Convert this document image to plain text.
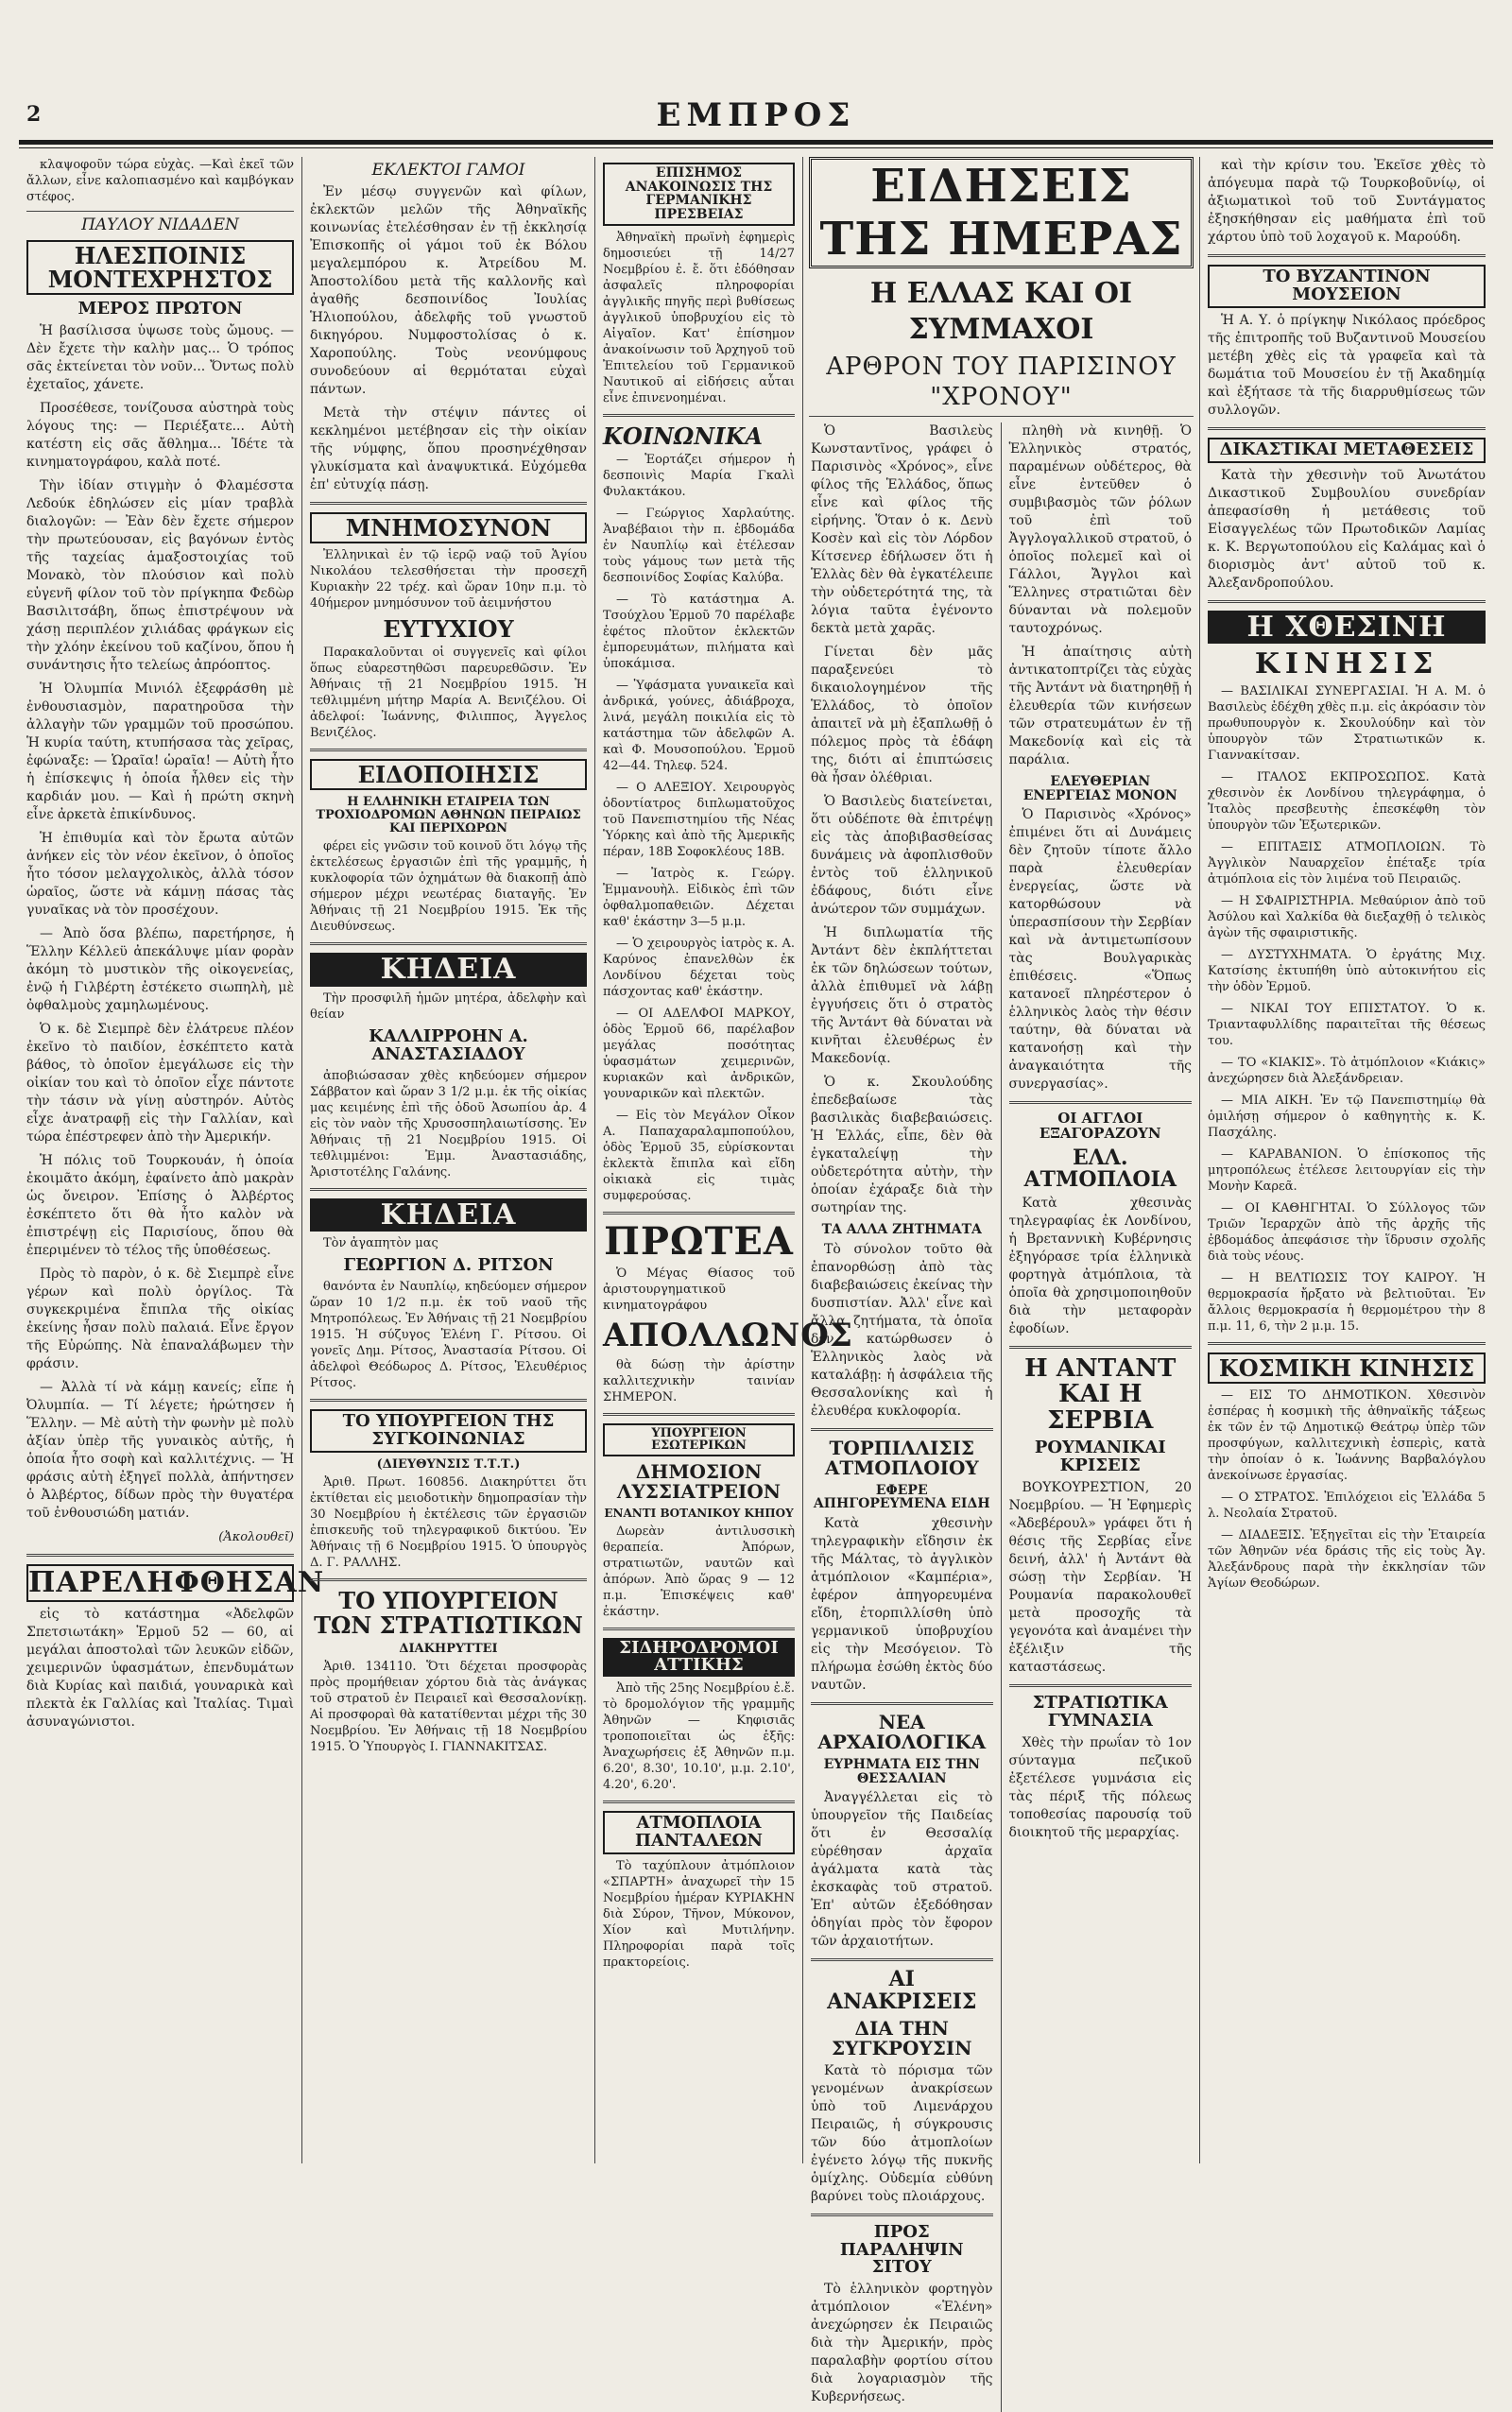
2	ΕΜΠΡΟΣ

κλαψοφοῦν τώρα εὐχὰς. —Καὶ ἐκεῖ τῶν ἄλλων, εἶνε καλοπιασμένο καὶ καμβόγκαν στέφος.

ΠΑΥΛΟΥ ΝΙΔΑΔΕΝ
ΗΛΕΣΠΟΙΝΙΣ ΜΟΝΤΕΧΡΗΣΤΟΣ
ΜΕΡΟΣ ΠΡΩΤΟΝ

Ἡ βασίλισσα ὑψωσε τοὺς ὤμους. — Δὲν ἔχετε τὴν καλὴν μας... Ὁ τρόπος σᾶς ἐκτείνεται τὸν νοῦν... Ὄντως πολὺ ἐχεταῖος, χάνετε.

Προσέθεσε, τονίζουσα αὐστηρὰ τοὺς λόγους της: — Περιέξατε... Αὐτὴ κατέστη εἰς σᾶς ἄθλημα... Ἰδέτε τὰ κινηματογράφου, καλὰ ποτέ.

Τὴν ἰδίαν στιγμὴν ὁ Φλαμέσστα Λεδούκ ἐδηλώσεν εἰς μίαν τραβλὰ διαλογῶν: — Ἐὰν δὲν ἔχετε σήμερον τὴν πρωτεύουσαν, εἰς βαγόνων ἐντὸς τῆς ταχείας ἁμαξοστοιχίας τοῦ Μονακὸ, τὸν πλούσιον καὶ πολὺ εὐγενῆ φίλον τοῦ τὸν πρίγκηπα Φεδὼρ Βασιλιτσάβη, ὅπως ἐπιστρέψουν νὰ χάσῃ περιπλέον χιλιάδας φράγκων εἰς τὴν χλόην ἐκείνου τοῦ καζίνου, ὅπου ἡ συνάντησις ἦτο τελείως ἀπρόοπτος.

Ἡ Ὀλυμπία Μινιόλ ἐξεφράσθη μὲ ἐνθουσιασμὸν, παρατηροῦσα τὴν ἀλλαγὴν τῶν γραμμῶν τοῦ προσώπου. Ἡ κυρία ταύτη, κτυπήσασα τὰς χεῖρας, ἐφώναξε: — Ὡραῖα! ὡραῖα! — Αὐτὴ ἦτο ἡ ἐπίσκεψις ἡ ὁποία ἦλθεν εἰς τὴν καρδιάν μου. — Καὶ ἡ πρώτη σκηνὴ εἶνε ἀρκετὰ ἐπικίνδυνος.

Ἡ ἐπιθυμία καὶ τὸν ἔρωτα αὐτῶν ἀνήκεν εἰς τὸν νέον ἐκεῖνον, ὁ ὁποῖος ἦτο τόσον μελαγχολικὸς, ἀλλὰ τόσον ὡραῖος, ὥστε νὰ κάμνῃ πάσας τὰς γυναῖκας νὰ τὸν προσέχουν.

— Ἀπὸ ὅσα βλέπω, παρετήρησε, ἡ Ἕλλην Κέλλεϋ ἀπεκάλυψε μίαν φορὰν ἀκόμη τὸ μυστικὸν τῆς οἰκογενείας, ἐνῷ ἡ Γιλβέρτη ἐστέκετο σιωπηλὴ, μὲ ὀφθαλμοὺς χαμηλωμένους.

Ὁ κ. δὲ Σιεμπρὲ δὲν ἐλάτρευε πλέον ἐκεῖνο τὸ παιδίον, ἐσκέπτετο κατὰ βάθος, τὸ ὁποῖον ἐμεγάλωσε εἰς τὴν οἰκίαν του καὶ τὸ ὁποῖον εἶχε πάντοτε τὴν τάσιν νὰ γίνῃ αὐστηρόν. Αὐτὸς εἶχε ἀνατραφῇ εἰς τὴν Γαλλίαν, καὶ τώρα ἐπέστρεφεν ἀπὸ τὴν Ἀμερικήν.

Ἡ πόλις τοῦ Τουρκουάν, ἡ ὁποία ἐκοιμᾶτο ἀκόμη, ἐφαίνετο ἀπὸ μακρὰν ὡς ὄνειρον. Ἐπίσης ὁ Ἀλβέρτος ἐσκέπτετο ὅτι θὰ ἦτο καλὸν νὰ ἐπιστρέψῃ εἰς Παρισίους, ὅπου θὰ ἐπεριμένεν τὸ τέλος τῆς ὑποθέσεως.

Πρὸς τὸ παρὸν, ὁ κ. δὲ Σιεμπρὲ εἶνε γέρων καὶ πολὺ ὀργίλος. Τὰ συγκεκριμένα ἔπιπλα τῆς οἰκίας ἐκείνης ἦσαν πολὺ παλαιά. Εἶνε ἔργον τῆς Εὐρώπης. Νὰ ἐπαναλάβωμεν τὴν φράσιν.

— Ἀλλὰ τί νὰ κάμῃ κανείς; εἶπε ἡ Ὀλυμπία. — Τί λέγετε; ἠρώτησεν ἡ Ἕλλην. — Μὲ αὐτὴ τὴν φωνὴν μὲ πολὺ ἀξίαν ὑπὲρ τῆς γυναικὸς αὐτῆς, ἡ ὁποία ἦτο σοφὴ καὶ καλλιτέχνις. — Ἡ φράσις αὐτὴ ἐξηγεῖ πολλὰ, ἀπήντησεν ὁ Ἀλβέρτος, δίδων πρὸς τὴν θυγατέρα τοῦ ἐνθουσιώδη ματιάν.

(Ἀκολουθεῖ)
ΠΑΡΕΛΗΦΘΗΣΑΝ

εἰς τὸ κατάστημα «Ἀδελφῶν Σπετσιωτάκη» Ἑρμοῦ 52 — 60, αἱ μεγάλαι ἀποστολαὶ τῶν λευκῶν εἰδῶν, χειμερινῶν ὑφασμάτων, ἐπενδυμάτων διὰ Κυρίας καὶ παιδιά, γουναρικὰ καὶ πλεκτὰ ἐκ Γαλλίας καὶ Ἰταλίας. Τιμαὶ ἀσυναγώνιστοι.

ΕΚΛΕΚΤΟΙ ΓΑΜΟΙ

Ἐν μέσῳ συγγενῶν καὶ φίλων, ἐκλεκτῶν μελῶν τῆς Ἀθηναϊκῆς κοινωνίας ἐτελέσθησαν ἐν τῇ ἐκκλησίᾳ Ἐπισκοπῆς οἱ γάμοι τοῦ ἐκ Βόλου μεγαλεμπόρου κ. Ἀτρείδου Μ. Ἀποστολίδου μετὰ τῆς καλλονῆς καὶ ἀγαθῆς δεσποινίδος Ἰουλίας Ἡλιοπούλου, ἀδελφῆς τοῦ γνωστοῦ δικηγόρου. Νυμφοστολίσας ὁ κ. Χαροπούλης. Τοὺς νεονύμφους συνοδεύουν αἱ θερμόταται εὐχαὶ πάντων.

Μετὰ τὴν στέψιν πάντες οἱ κεκλημένοι μετέβησαν εἰς τὴν οἰκίαν τῆς νύμφης, ὅπου προσηνέχθησαν γλυκίσματα καὶ ἀναψυκτικά. Εὐχόμεθα ἐπ' εὐτυχίᾳ πάσῃ.

ΜΝΗΜΟΣΥΝΟΝ

Ἐλληνικαὶ ἐν τῷ ἱερῷ ναῷ τοῦ Ἁγίου Νικολάου τελεσθήσεται τὴν προσεχῆ Κυριακὴν 22 τρέχ. καὶ ὥραν 10ην π.μ. τὸ 40ήμερον μνημόσυνον τοῦ ἀειμνήστου

ΕΥΤΥΧΙΟΥ

Παρακαλοῦνται οἱ συγγενεῖς καὶ φίλοι ὅπως εὐαρεστηθῶσι παρευρεθῶσιν. Ἐν Ἀθήναις τῇ 21 Νοεμβρίου 1915. Ἡ τεθλιμμένη μήτηρ Μαρία Α. Βενιζέλου. Οἱ ἀδελφοί: Ἰωάννης, Φιλιππος, Ἀγγελος Βενιζέλος.

ΕΙΔΟΠΟΙΗΣΙΣ
Η ΕΛΛΗΝΙΚΗ ΕΤΑΙΡΕΙΑ ΤΩΝ ΤΡΟΧΙΟΔΡΟΜΩΝ ΑΘΗΝΩΝ ΠΕΙΡΑΙΩΣ ΚΑΙ ΠΕΡΙΧΩΡΩΝ

φέρει εἰς γνῶσιν τοῦ κοινοῦ ὅτι λόγῳ τῆς ἐκτελέσεως ἐργασιῶν ἐπὶ τῆς γραμμῆς, ἡ κυκλοφορία τῶν ὀχημάτων θὰ διακοπῇ ἀπὸ σήμερον μέχρι νεωτέρας διαταγῆς. Ἐν Ἀθήναις τῇ 21 Νοεμβρίου 1915. Ἐκ τῆς Διευθύνσεως.

ΚΗΔΕΙΑ

Τὴν προσφιλῆ ἡμῶν μητέρα, ἀδελφὴν καὶ θείαν

ΚΑΛΛΙΡΡΟΗΝ Α. ΑΝΑΣΤΑΣΙΑΔΟΥ

ἀποβιώσασαν χθὲς κηδεύομεν σήμερον Σάββατον καὶ ὥραν 3 1/2 μ.μ. ἐκ τῆς οἰκίας μας κειμένης ἐπὶ τῆς ὁδοῦ Ἀσωπίου ἀρ. 4 εἰς τὸν ναὸν τῆς Χρυσοσπηλαιωτίσσης. Ἐν Ἀθήναις τῇ 21 Νοεμβρίου 1915. Οἱ τεθλιμμένοι: Ἐμμ. Ἀναστασιάδης, Ἀριστοτέλης Γαλάνης.

ΚΗΔΕΙΑ

Τὸν ἀγαπητὸν μας

ΓΕΩΡΓΙΟΝ Δ. ΡΙΤΣΟΝ

θανόντα ἐν Ναυπλίῳ, κηδεύομεν σήμερον ὥραν 10 1/2 π.μ. ἐκ τοῦ ναοῦ τῆς Μητροπόλεως. Ἐν Ἀθήναις τῇ 21 Νοεμβρίου 1915. Ἡ σύζυγος Ἑλένη Γ. Ρίτσου. Οἱ γονεῖς Δημ. Ρίτσος, Ἀναστασία Ρίτσου. Οἱ ἀδελφοὶ Θεόδωρος Δ. Ρίτσος, Ἐλευθέριος Ρίτσος.

ΤΟ ΥΠΟΥΡΓΕΙΟΝ ΤΗΣ ΣΥΓΚΟΙΝΩΝΙΑΣ
(ΔΙΕΥΘΥΝΣΙΣ Τ.Τ.Τ.)

Ἀριθ. Πρωτ. 160856. Διακηρύττει ὅτι ἐκτίθεται εἰς μειοδοτικὴν δημοπρασίαν τὴν 30 Νοεμβρίου ἡ ἐκτέλεσις τῶν ἐργασιῶν ἐπισκευῆς τοῦ τηλεγραφικοῦ δικτύου. Ἐν Ἀθήναις τῇ 6 Νοεμβρίου 1915. Ὁ ὑπουργὸς Δ. Γ. ΡΑΛΛΗΣ.

ΤΟ ΥΠΟΥΡΓΕΙΟΝ ΤΩΝ ΣΤΡΑΤΙΩΤΙΚΩΝ
ΔΙΑΚΗΡΥΤΤΕΙ

Ἀριθ. 134110. Ὅτι δέχεται προσφορὰς πρὸς προμήθειαν χόρτου διὰ τὰς ἀνάγκας τοῦ στρατοῦ ἐν Πειραιεῖ καὶ Θεσσαλονίκῃ. Αἱ προσφοραὶ θὰ κατατίθενται μέχρι τῆς 30 Νοεμβρίου. Ἐν Ἀθήναις τῇ 18 Νοεμβρίου 1915. Ὁ Ὑπουργὸς Ι. ΓΙΑΝΝΑΚΙΤΣΑΣ.

ΕΠΙΣΗΜΟΣ ΑΝΑΚΟΙΝΩΣΙΣ ΤΗΣ ΓΕΡΜΑΝΙΚΗΣ ΠΡΕΣΒΕΙΑΣ

Ἀθηναϊκὴ πρωϊνὴ ἐφημερὶς δημοσιεύει τῇ 14/27 Νοεμβρίου ἐ. ἔ. ὅτι ἐδόθησαν ἀσφαλεῖς πληροφορίαι ἀγγλικῆς πηγῆς περὶ βυθίσεως ἀγγλικοῦ ὑποβρυχίου εἰς τὸ Αἰγαῖον. Κατ' ἐπίσημον ἀνακοίνωσιν τοῦ Ἀρχηγοῦ τοῦ Ἐπιτελείου τοῦ Γερμανικοῦ Ναυτικοῦ αἱ εἰδήσεις αὗται εἶνε ἐπινενοημέναι.

ΚΟΙΝΩΝΙΚΑ

— Ἑορτάζει σήμερον ἡ δεσποινὶς Μαρία Γκαλὶ Φυλακτάκου.

— Γεώργιος Χαρλαύτης. Ἀναβέβαιοι τὴν π. ἑβδομάδα ἐν Ναυπλίῳ καὶ ἐτέλεσαν τοὺς γάμους των μετὰ τῆς δεσποινίδος Σοφίας Καλύβα.

— Τὸ κατάστημα Α. Τσούχλου Ἑρμοῦ 70 παρέλαβε ἐφέτος πλοῦτον ἐκλεκτῶν ἐμπορευμάτων, πιλήματα καὶ ὑποκάμισα.

— Ὑφάσματα γυναικεῖα καὶ ἀνδρικά, γούνες, ἀδιάβροχα, λινά, μεγάλη ποικιλία εἰς τὸ κατάστημα τῶν ἀδελφῶν Α. καὶ Φ. Μουσοπούλου. Ἑρμοῦ 42—44. Τηλεφ. 524.

— Ο ΑΛΕΞΙΟΥ. Χειρουργὸς ὀδοντίατρος διπλωματοῦχος τοῦ Πανεπιστημίου τῆς Νέας Ὑόρκης καὶ ἀπὸ τῆς Ἀμερικῆς πέραν, 18Β Σοφοκλέους 18Β.

— Ἰατρὸς κ. Γεώργ. Ἐμμανουὴλ. Εἰδικὸς ἐπὶ τῶν ὀφθαλμοπαθειῶν. Δέχεται καθ' ἑκάστην 3—5 μ.μ.

— Ὁ χειρουργὸς ἰατρὸς κ. Α. Καρύνος ἐπανελθὼν ἐκ Λονδίνου δέχεται τοὺς πάσχοντας καθ' ἑκάστην.

— ΟΙ ΑΔΕΛΦΟΙ ΜΑΡΚΟΥ, ὁδὸς Ἑρμοῦ 66, παρέλαβον μεγάλας ποσότητας ὑφασμάτων χειμερινῶν, κυριακῶν καὶ ἀνδρικῶν, γουναρικῶν καὶ πλεκτῶν.

— Εἰς τὸν Μεγάλον Οἶκον Α. Παπαχαραλαμποπούλου, ὁδὸς Ἑρμοῦ 35, εὑρίσκονται ἐκλεκτὰ ἔπιπλα καὶ εἴδη οἰκιακὰ εἰς τιμὰς συμφερούσας.

ΠΡΩΤΕΑ

Ὁ Μέγας Θίασος τοῦ ἀριστουργηματικοῦ κινηματογράφου

ΑΠΟΛΛΩΝΟΣ

θὰ δώσῃ τὴν ἀρίστην καλλιτεχνικὴν ταινίαν ΣΗΜΕΡΟΝ.

ΥΠΟΥΡΓΕΙΟΝ ΕΣΩΤΕΡΙΚΩΝ
ΔΗΜΟΣΙΟΝ ΛΥΣΣΙΑΤΡΕΙΟΝ
ΕΝΑΝΤΙ ΒΟΤΑΝΙΚΟΥ ΚΗΠΟΥ

Δωρεὰν ἀντιλυσσικὴ θεραπεία. Ἀπόρων, στρατιωτῶν, ναυτῶν καὶ ἀπόρων. Ἀπὸ ὥρας 9 — 12 π.μ. Ἐπισκέψεις καθ' ἑκάστην.

ΣΙΔΗΡΟΔΡΟΜΟΙ ΑΤΤΙΚΗΣ

Ἀπὸ τῆς 25ης Νοεμβρίου ἐ.ἔ. τὸ δρομολόγιον τῆς γραμμῆς Ἀθηνῶν — Κηφισιᾶς τροποποιεῖται ὡς ἑξῆς: Ἀναχωρήσεις ἐξ Ἀθηνῶν π.μ. 6.20', 8.30', 10.10', μ.μ. 2.10', 4.20', 6.20'.

ΑΤΜΟΠΛΟΙΑ ΠΑΝΤΑΛΕΩΝ

Τὸ ταχύπλουν ἀτμόπλοιον «ΣΠΑΡΤΗ» ἀναχωρεῖ τὴν 15 Νοεμβρίου ἡμέραν ΚΥΡΙΑΚΗΝ διὰ Σύρον, Τῆνον, Μύκονον, Χίον καὶ Μυτιλήνην. Πληροφορίαι παρὰ τοῖς πρακτορείοις.

ΕΙΔΗΣΕΙΣ ΤΗΣ ΗΜΕΡΑΣ
Η ΕΛΛΑΣ ΚΑΙ ΟΙ ΣΥΜΜΑΧΟΙ
ΑΡΘΡΟΝ ΤΟΥ ΠΑΡΙΣΙΝΟΥ "ΧΡΟΝΟΥ"

Ὁ Βασιλεὺς Κωνσταντῖνος, γράφει ὁ Παρισινὸς «Χρόνος», εἶνε φίλος τῆς Ἑλλάδος, ὅπως εἶνε καὶ φίλος τῆς εἰρήνης. Ὅταν ὁ κ. Δενὺ Κοσὲν καὶ εἰς τὸν Λόρδον Κίτσενερ ἐδήλωσεν ὅτι ἡ Ἑλλὰς δὲν θὰ ἐγκατέλειπε τὴν οὐδετερότητά της, τὰ λόγια ταῦτα ἐγένοντο δεκτὰ μετὰ χαρᾶς.

Γίνεται δὲν μᾶς παραξενεύει τὸ δικαιολογημένον τῆς Ἑλλάδος, τὸ ὁποῖον ἀπαιτεῖ νὰ μὴ ἐξαπλωθῇ ὁ πόλεμος πρὸς τὰ ἐδάφη της, διότι αἱ ἐπιπτώσεις θὰ ἦσαν ὀλέθριαι.

Ὁ Βασιλεὺς διατείνεται, ὅτι οὐδέποτε θὰ ἐπιτρέψῃ εἰς τὰς ἀποβιβασθείσας δυνάμεις νὰ ἀφοπλισθοῦν ἐντὸς τοῦ ἑλληνικοῦ ἐδάφους, διότι εἶνε ἀνώτερον τῶν συμμάχων.

Ἡ διπλωματία τῆς Ἀντάντ δὲν ἐκπλήττεται ἐκ τῶν δηλώσεων τούτων, ἀλλὰ ἐπιθυμεῖ νὰ λάβῃ ἐγγυήσεις ὅτι ὁ στρατὸς τῆς Ἀντάντ θὰ δύναται νὰ κινῆται ἐλευθέρως ἐν Μακεδονίᾳ.

Ὁ κ. Σκουλούδης ἐπεδεβαίωσε τὰς βασιλικὰς διαβεβαιώσεις. Ἡ Ἑλλάς, εἶπε, δὲν θὰ ἐγκαταλείψῃ τὴν οὐδετερότητα αὐτὴν, τὴν ὁποίαν ἐχάραξε διὰ τὴν σωτηρίαν της.

ΤΑ ΑΛΛΑ ΖΗΤΗΜΑΤΑ

Τὸ σύνολον τοῦτο θὰ ἐπανορθώσῃ ἀπὸ τὰς διαβεβαιώσεις ἐκείνας τὴν δυσπιστίαν. Ἀλλ' εἶνε καὶ ἄλλα ζητήματα, τὰ ὁποῖα δὲν κατώρθωσεν ὁ Ἑλληνικὸς λαὸς νὰ καταλάβῃ: ἡ ἀσφάλεια τῆς Θεσσαλονίκης καὶ ἡ ἐλευθέρα κυκλοφορία.

ΤΟΡΠΙΛΛΙΣΙΣ ΑΤΜΟΠΛΟΙΟΥ
ΕΦΕΡΕ ΑΠΗΓΟΡΕΥΜΕΝΑ ΕΙΔΗ

Κατὰ χθεσινὴν τηλεγραφικὴν εἴδησιν ἐκ τῆς Μάλτας, τὸ ἀγγλικὸν ἀτμόπλοιον «Καμπέρια», ἐφέρον ἀπηγορευμένα εἴδη, ἐτορπιλλίσθη ὑπὸ γερμανικοῦ ὑποβρυχίου εἰς τὴν Μεσόγειον. Τὸ πλήρωμα ἐσώθη ἐκτὸς δύο ναυτῶν.

ΝΕΑ ΑΡΧΑΙΟΛΟΓΙΚΑ
ΕΥΡΗΜΑΤΑ ΕΙΣ ΤΗΝ ΘΕΣΣΑΛΙΑΝ

Ἀναγγέλλεται εἰς τὸ ὑπουργεῖον τῆς Παιδείας ὅτι ἐν Θεσσαλίᾳ εὑρέθησαν ἀρχαῖα ἀγάλματα κατὰ τὰς ἐκσκαφὰς τοῦ στρατοῦ. Ἐπ' αὐτῶν ἐξεδόθησαν ὁδηγίαι πρὸς τὸν ἔφορον τῶν ἀρχαιοτήτων.

ΑΙ ΑΝΑΚΡΙΣΕΙΣ
ΔΙΑ ΤΗΝ ΣΥΓΚΡΟΥΣΙΝ

Κατὰ τὸ πόρισμα τῶν γενομένων ἀνακρίσεων ὑπὸ τοῦ Λιμενάρχου Πειραιῶς, ἡ σύγκρουσις τῶν δύο ἀτμοπλοίων ἐγένετο λόγῳ τῆς πυκνῆς ὁμίχλης. Οὐδεμία εὐθύνη βαρύνει τοὺς πλοιάρχους.

ΠΡΟΣ ΠΑΡΑΛΗΨΙΝ ΣΙΤΟΥ

Τὸ ἑλληνικὸν φορτηγὸν ἀτμόπλοιον «Ἑλένη» ἀνεχώρησεν ἐκ Πειραιῶς διὰ τὴν Ἀμερικήν, πρὸς παραλαβὴν φορτίου σίτου διὰ λογαριασμὸν τῆς Κυβερνήσεως.

πληθὴ νὰ κινηθῇ. Ὁ Ἑλληνικὸς στρατός, παραμένων οὐδέτερος, θὰ εἶνε ἐντεῦθεν ὁ συμβιβασμὸς τῶν ῥόλων τοῦ ἐπὶ τοῦ Ἀγγλογαλλικοῦ στρατοῦ, ὁ ὁποῖος πολεμεῖ καὶ οἱ Γάλλοι, Ἄγγλοι καὶ Ἕλληνες στρατιῶται δὲν δύνανται νὰ πολεμοῦν ταυτοχρόνως.

Ἡ ἀπαίτησις αὐτὴ ἀντικατοπτρίζει τὰς εὐχὰς τῆς Ἀντάντ νὰ διατηρηθῇ ἡ ἐλευθερία τῶν κινήσεων τῶν στρατευμάτων ἐν τῇ Μακεδονίᾳ καὶ εἰς τὰ παράλια.

ΕΛΕΥΘΕΡΙΑΝ ΕΝΕΡΓΕΙΑΣ ΜΟΝΟΝ

Ὁ Παρισινὸς «Χρόνος» ἐπιμένει ὅτι αἱ Δυνάμεις δὲν ζητοῦν τίποτε ἄλλο παρὰ ἐλευθερίαν ἐνεργείας, ὥστε νὰ κατορθώσουν νὰ ὑπερασπίσουν τὴν Σερβίαν καὶ νὰ ἀντιμετωπίσουν τὰς Βουλγαρικὰς ἐπιθέσεις. «Ὅπως κατανοεῖ πληρέστερον ὁ ἑλληνικὸς λαὸς τὴν θέσιν ταύτην, θὰ δύναται νὰ κατανοήσῃ καὶ τὴν ἀναγκαιότητα τῆς συνεργασίας».

ΟΙ ΑΓΓΛΟΙ ΕΞΑΓΟΡΑΖΟΥΝ
ΕΛΛ. ΑΤΜΟΠΛΟΙΑ

Κατὰ χθεσινὰς τηλεγραφίας ἐκ Λονδίνου, ἡ Βρεταννικὴ Κυβέρνησις ἐξηγόρασε τρία ἑλληνικὰ φορτηγὰ ἀτμόπλοια, τὰ ὁποῖα θὰ χρησιμοποιηθοῦν διὰ τὴν μεταφορὰν ἐφοδίων.

Η ΑΝΤΑΝΤ ΚΑΙ Η ΣΕΡΒΙΑ
ΡΟΥΜΑΝΙΚΑΙ ΚΡΙΣΕΙΣ

ΒΟΥΚΟΥΡΕΣΤΙΟΝ, 20 Νοεμβρίου. — Ἡ Ἐφημερὶς «Ἀδεβέρουλ» γράφει ὅτι ἡ θέσις τῆς Σερβίας εἶνε δεινή, ἀλλ' ἡ Ἀντάντ θὰ σώσῃ τὴν Σερβίαν. Ἡ Ρουμανία παρακολουθεῖ μετὰ προσοχῆς τὰ γεγονότα καὶ ἀναμένει τὴν ἐξέλιξιν τῆς καταστάσεως.

ΣΤΡΑΤΙΩΤΙΚΑ ΓΥΜΝΑΣΙΑ

Χθὲς τὴν πρωΐαν τὸ 1ον σύνταγμα πεζικοῦ ἐξετέλεσε γυμνάσια εἰς τὰς πέριξ τῆς πόλεως τοποθεσίας παρουσίᾳ τοῦ διοικητοῦ τῆς μεραρχίας.

καὶ τὴν κρίσιν του. Ἐκεῖσε χθὲς τὸ ἀπόγευμα παρὰ τῷ Τουρκοβοῦνίῳ, οἱ ἀξιωματικοὶ τοῦ τοῦ Συντάγματος ἐξησκήθησαν εἰς μαθήματα ἐπὶ τοῦ χάρτου ὑπὸ τοῦ λοχαγοῦ κ. Μαρούδη.

ΤΟ ΒΥΖΑΝΤΙΝΟΝ ΜΟΥΣΕΙΟΝ

Ἡ Α. Υ. ὁ πρίγκηψ Νικόλαος πρόεδρος τῆς ἐπιτροπῆς τοῦ Βυζαντινοῦ Μουσείου μετέβη χθὲς εἰς τὰ γραφεῖα καὶ τὰ δωμάτια τοῦ Μουσείου ἐν τῇ Ἀκαδημίᾳ καὶ ἐξήτασε τὰ τῆς διαρρυθμίσεως τῶν συλλογῶν.

ΔΙΚΑΣΤΙΚΑΙ ΜΕΤΑΘΕΣΕΙΣ

Κατὰ τὴν χθεσινὴν τοῦ Ἀνωτάτου Δικαστικοῦ Συμβουλίου συνεδρίαν ἀπεφασίσθη ἡ μετάθεσις τοῦ Εἰσαγγελέως τῶν Πρωτοδικῶν Λαμίας κ. Κ. Βεργωτοπούλου εἰς Καλάμας καὶ ὁ διορισμὸς ἀντ' αὐτοῦ τοῦ κ. Ἀλεξανδροπούλου.

Η ΧΘΕΣΙΝΗ
ΚΙΝΗΣΙΣ

— ΒΑΣΙΛΙΚΑΙ ΣΥΝΕΡΓΑΣΙΑΙ. Ἡ Α. Μ. ὁ Βασιλεὺς ἐδέχθη χθὲς π.μ. εἰς ἀκρόασιν τὸν πρωθυπουργὸν κ. Σκουλούδην καὶ τὸν ὑπουργὸν τῶν Στρατιωτικῶν κ. Γιαννακίτσαν.

— ΙΤΑΛΟΣ ΕΚΠΡΟΣΩΠΟΣ. Κατὰ χθεσινὸν ἐκ Λονδίνου τηλεγράφημα, ὁ Ἰταλὸς πρεσβευτὴς ἐπεσκέφθη τὸν ὑπουργὸν τῶν Ἐξωτερικῶν.

— ΕΠΙΤΑΞΙΣ ΑΤΜΟΠΛΟΙΩΝ. Τὸ Ἀγγλικὸν Ναυαρχεῖον ἐπέταξε τρία ἀτμόπλοια εἰς τὸν λιμένα τοῦ Πειραιῶς.

— Η ΣΦΑΙΡΙΣΤΗΡΙΑ. Μεθαύριον ἀπὸ τοῦ Ἀσύλου καὶ Χαλκίδα θὰ διεξαχθῇ ὁ τελικὸς ἀγὼν τῆς σφαιριστικῆς.

— ΔΥΣΤΥΧΗΜΑΤΑ. Ὁ ἐργάτης Μιχ. Κατσίσης ἐκτυπήθη ὑπὸ αὐτοκινήτου εἰς τὴν ὁδὸν Ἑρμοῦ.

— ΝΙΚΑΙ ΤΟΥ ΕΠΙΣΤΑΤΟΥ. Ὁ κ. Τριανταφυλλίδης παραιτεῖται τῆς θέσεως του.

— ΤΟ «ΚΙΑΚΙΣ». Τὸ ἀτμόπλοιον «Κιάκις» ἀνεχώρησεν διὰ Ἀλεξάνδρειαν.

— ΜΙΑ ΑΙΚΗ. Ἐν τῷ Πανεπιστημίῳ θὰ ὁμιλήσῃ σήμερον ὁ καθηγητὴς κ. Κ. Πασχάλης.

— ΚΑΡΑΒΑΝΙΟΝ. Ὁ ἐπίσκοπος τῆς μητροπόλεως ἐτέλεσε λειτουργίαν εἰς τὴν Μονὴν Καρεᾶ.

— ΟΙ ΚΑΘΗΓΗΤΑΙ. Ὁ Σύλλογος τῶν Τριῶν Ἱεραρχῶν ἀπὸ τῆς ἀρχῆς τῆς ἐβδομάδος ἀπεφάσισε τὴν ἵδρυσιν σχολῆς διὰ τοὺς νέους.

— Η ΒΕΛΤΙΩΣΙΣ ΤΟΥ ΚΑΙΡΟΥ. Ἡ θερμοκρασία ἤρξατο νὰ βελτιοῦται. Ἐν ἄλλοις θερμοκρασία ἡ θερμομέτρου τὴν 8 π.μ. 11, 6, τὴν 2 μ.μ. 15.

ΚΟΣΜΙΚΗ ΚΙΝΗΣΙΣ

— ΕΙΣ ΤΟ ΔΗΜΟΤΙΚΟΝ. Χθεσινὸν ἑσπέρας ἡ κοσμικὴ τῆς ἀθηναϊκῆς τάξεως ἐκ τῶν ἐν τῷ Δημοτικῷ Θεάτρῳ ὑπὲρ τῶν προσφύγων, καλλιτεχνικὴ ἑσπερὶς, κατὰ τὴν ὁποίαν ὁ κ. Ἰωάννης Βαρβαλόγλου ἀνεκοίνωσε ἐργασίας.

— Ο ΣΤΡΑΤΟΣ. Ἐπιλόχειοι εἰς Ἑλλάδα 5 λ. Νεολαία Στρατοῦ.

— ΔΙΑΔΕΞΙΣ. Ἐξηγεῖται εἰς τὴν Ἐταιρεία τῶν Ἀθηνῶν νέα δράσις τῆς εἰς τοὺς Ἁγ. Ἀλεξάνδρους παρὰ τὴν ἐκκλησίαν τῶν Ἁγίων Θεοδώρων.
